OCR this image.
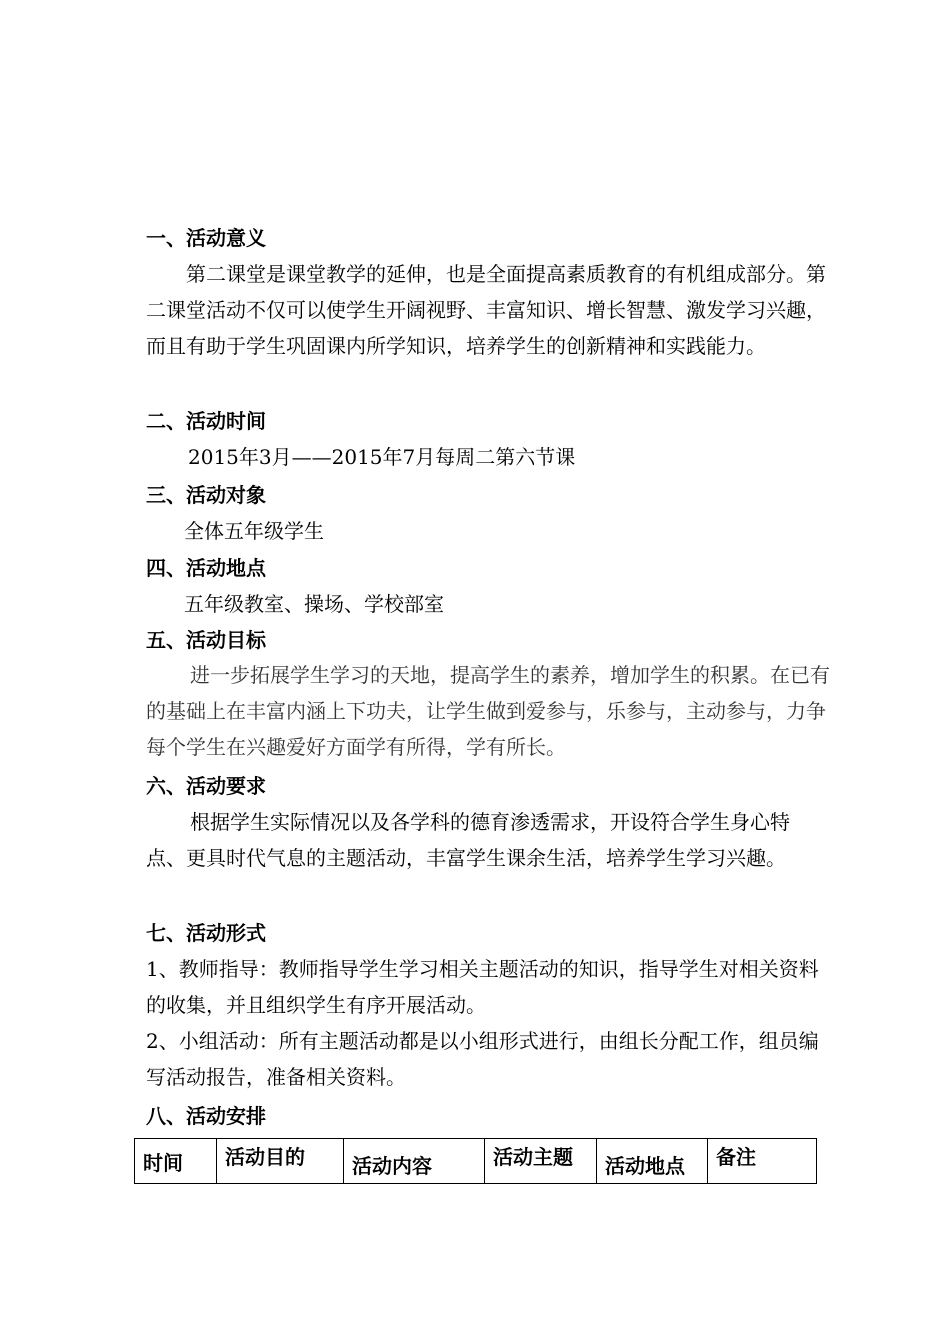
一、活动意义
第二课堂是课堂教学的延伸，也是全面提高素质教育的有机组成部分。第二课堂活动不仅可以使学生开阔视野、丰富知识、增长智慧、激发学习兴趣，而且有助于学生巩固课内所学知识，培养学生的创新精神和实践能力。
二、活动时间
2015年3月——2015年7月每周二第六节课
三、活动对象
全体五年级学生
四、活动地点
五年级教室、操场、学校部室
五、活动目标
进一步拓展学生学习的天地，提高学生的素养，增加学生的积累。在已有的基础上在丰富内涵上下功夫，让学生做到爱参与，乐参与，主动参与，力争每个学生在兴趣爱好方面学有所得，学有所长。
六、活动要求
根据学生实际情况以及各学科的德育渗透需求，开设符合学生身心特点、更具时代气息的主题活动，丰富学生课余生活，培养学生学习兴趣。
七、活动形式
1、教师指导：教师指导学生学习相关主题活动的知识，指导学生对相关资料的收集，并且组织学生有序开展活动。
2、小组活动：所有主题活动都是以小组形式进行，由组长分配工作，组员编写活动报告，准备相关资料。
八、活动安排
时间	活动目的	活动内容	活动主题	活动地点	备注
